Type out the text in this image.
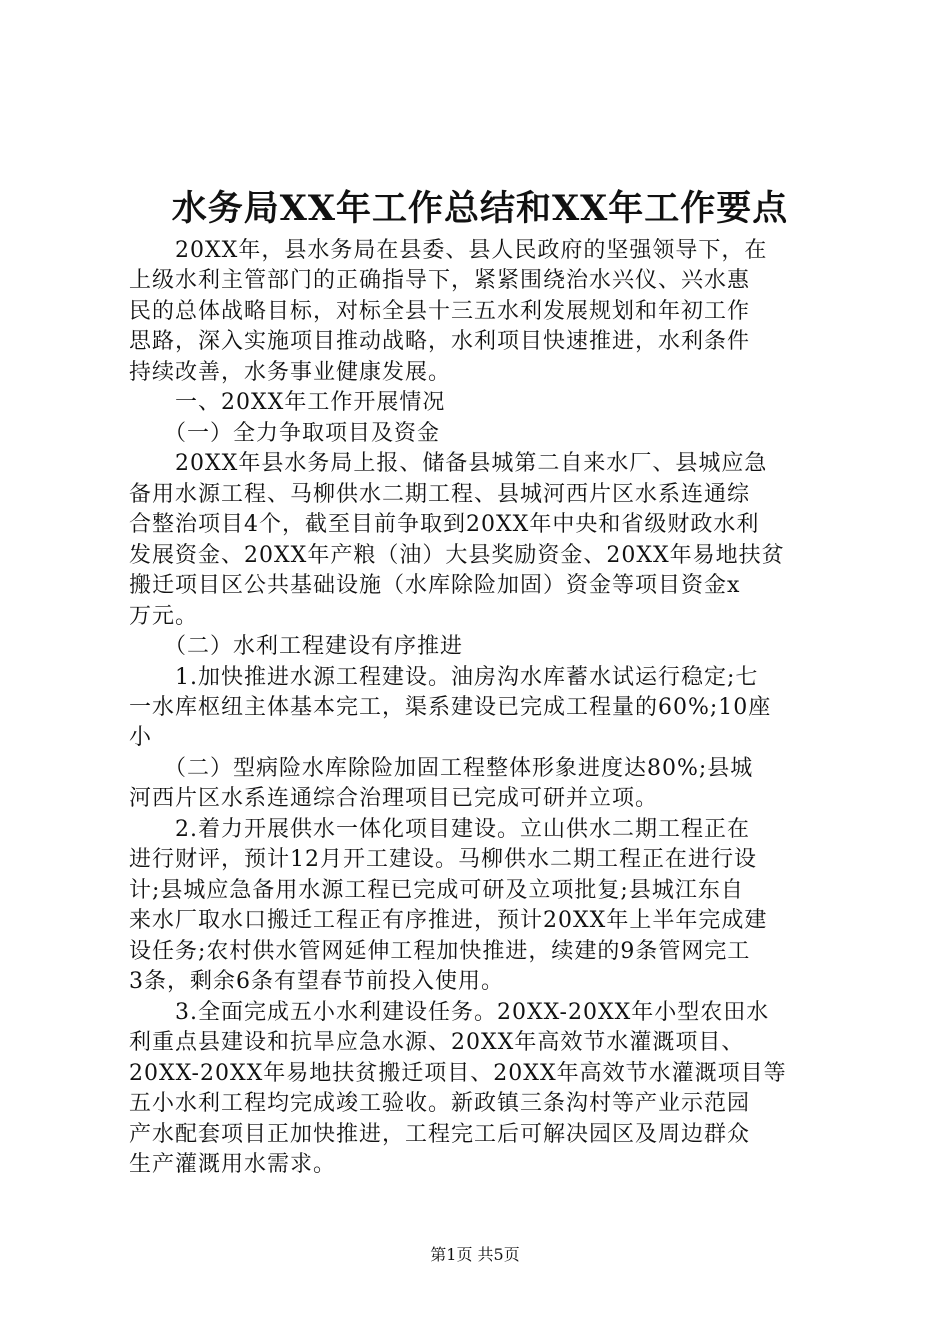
水务局XX年工作总结和XX年工作要点
　　20XX年，县水务局在县委、县人民政府的坚强领导下，在
上级水利主管部门的正确指导下，紧紧围绕治水兴仪、兴水惠
民的总体战略目标，对标全县十三五水利发展规划和年初工作
思路，深入实施项目推动战略，水利项目快速推进，水利条件
持续改善，水务事业健康发展。
　　一、20XX年工作开展情况
　　（一）全力争取项目及资金
　　20XX年县水务局上报、储备县城第二自来水厂、县城应急
备用水源工程、马柳供水二期工程、县城河西片区水系连通综
合整治项目4个，截至目前争取到20XX年中央和省级财政水利
发展资金、20XX年产粮（油）大县奖励资金、20XX年易地扶贫
搬迁项目区公共基础设施（水库除险加固）资金等项目资金x
万元。
　　（二）水利工程建设有序推进
　　1.加快推进水源工程建设。油房沟水库蓄水试运行稳定;七
一水库枢纽主体基本完工，渠系建设已完成工程量的60%;10座
小
　　（二）型病险水库除险加固工程整体形象进度达80%;县城
河西片区水系连通综合治理项目已完成可研并立项。
　　2.着力开展供水一体化项目建设。立山供水二期工程正在
进行财评，预计12月开工建设。马柳供水二期工程正在进行设
计;县城应急备用水源工程已完成可研及立项批复;县城江东自
来水厂取水口搬迁工程正有序推进，预计20XX年上半年完成建
设任务;农村供水管网延伸工程加快推进，续建的9条管网完工
3条，剩余6条有望春节前投入使用。
　　3.全面完成五小水利建设任务。20XX-20XX年小型农田水
利重点县建设和抗旱应急水源、20XX年高效节水灌溉项目、
20XX-20XX年易地扶贫搬迁项目、20XX年高效节水灌溉项目等
五小水利工程均完成竣工验收。新政镇三条沟村等产业示范园
产水配套项目正加快推进，工程完工后可解决园区及周边群众
生产灌溉用水需求。
第1页 共5页
